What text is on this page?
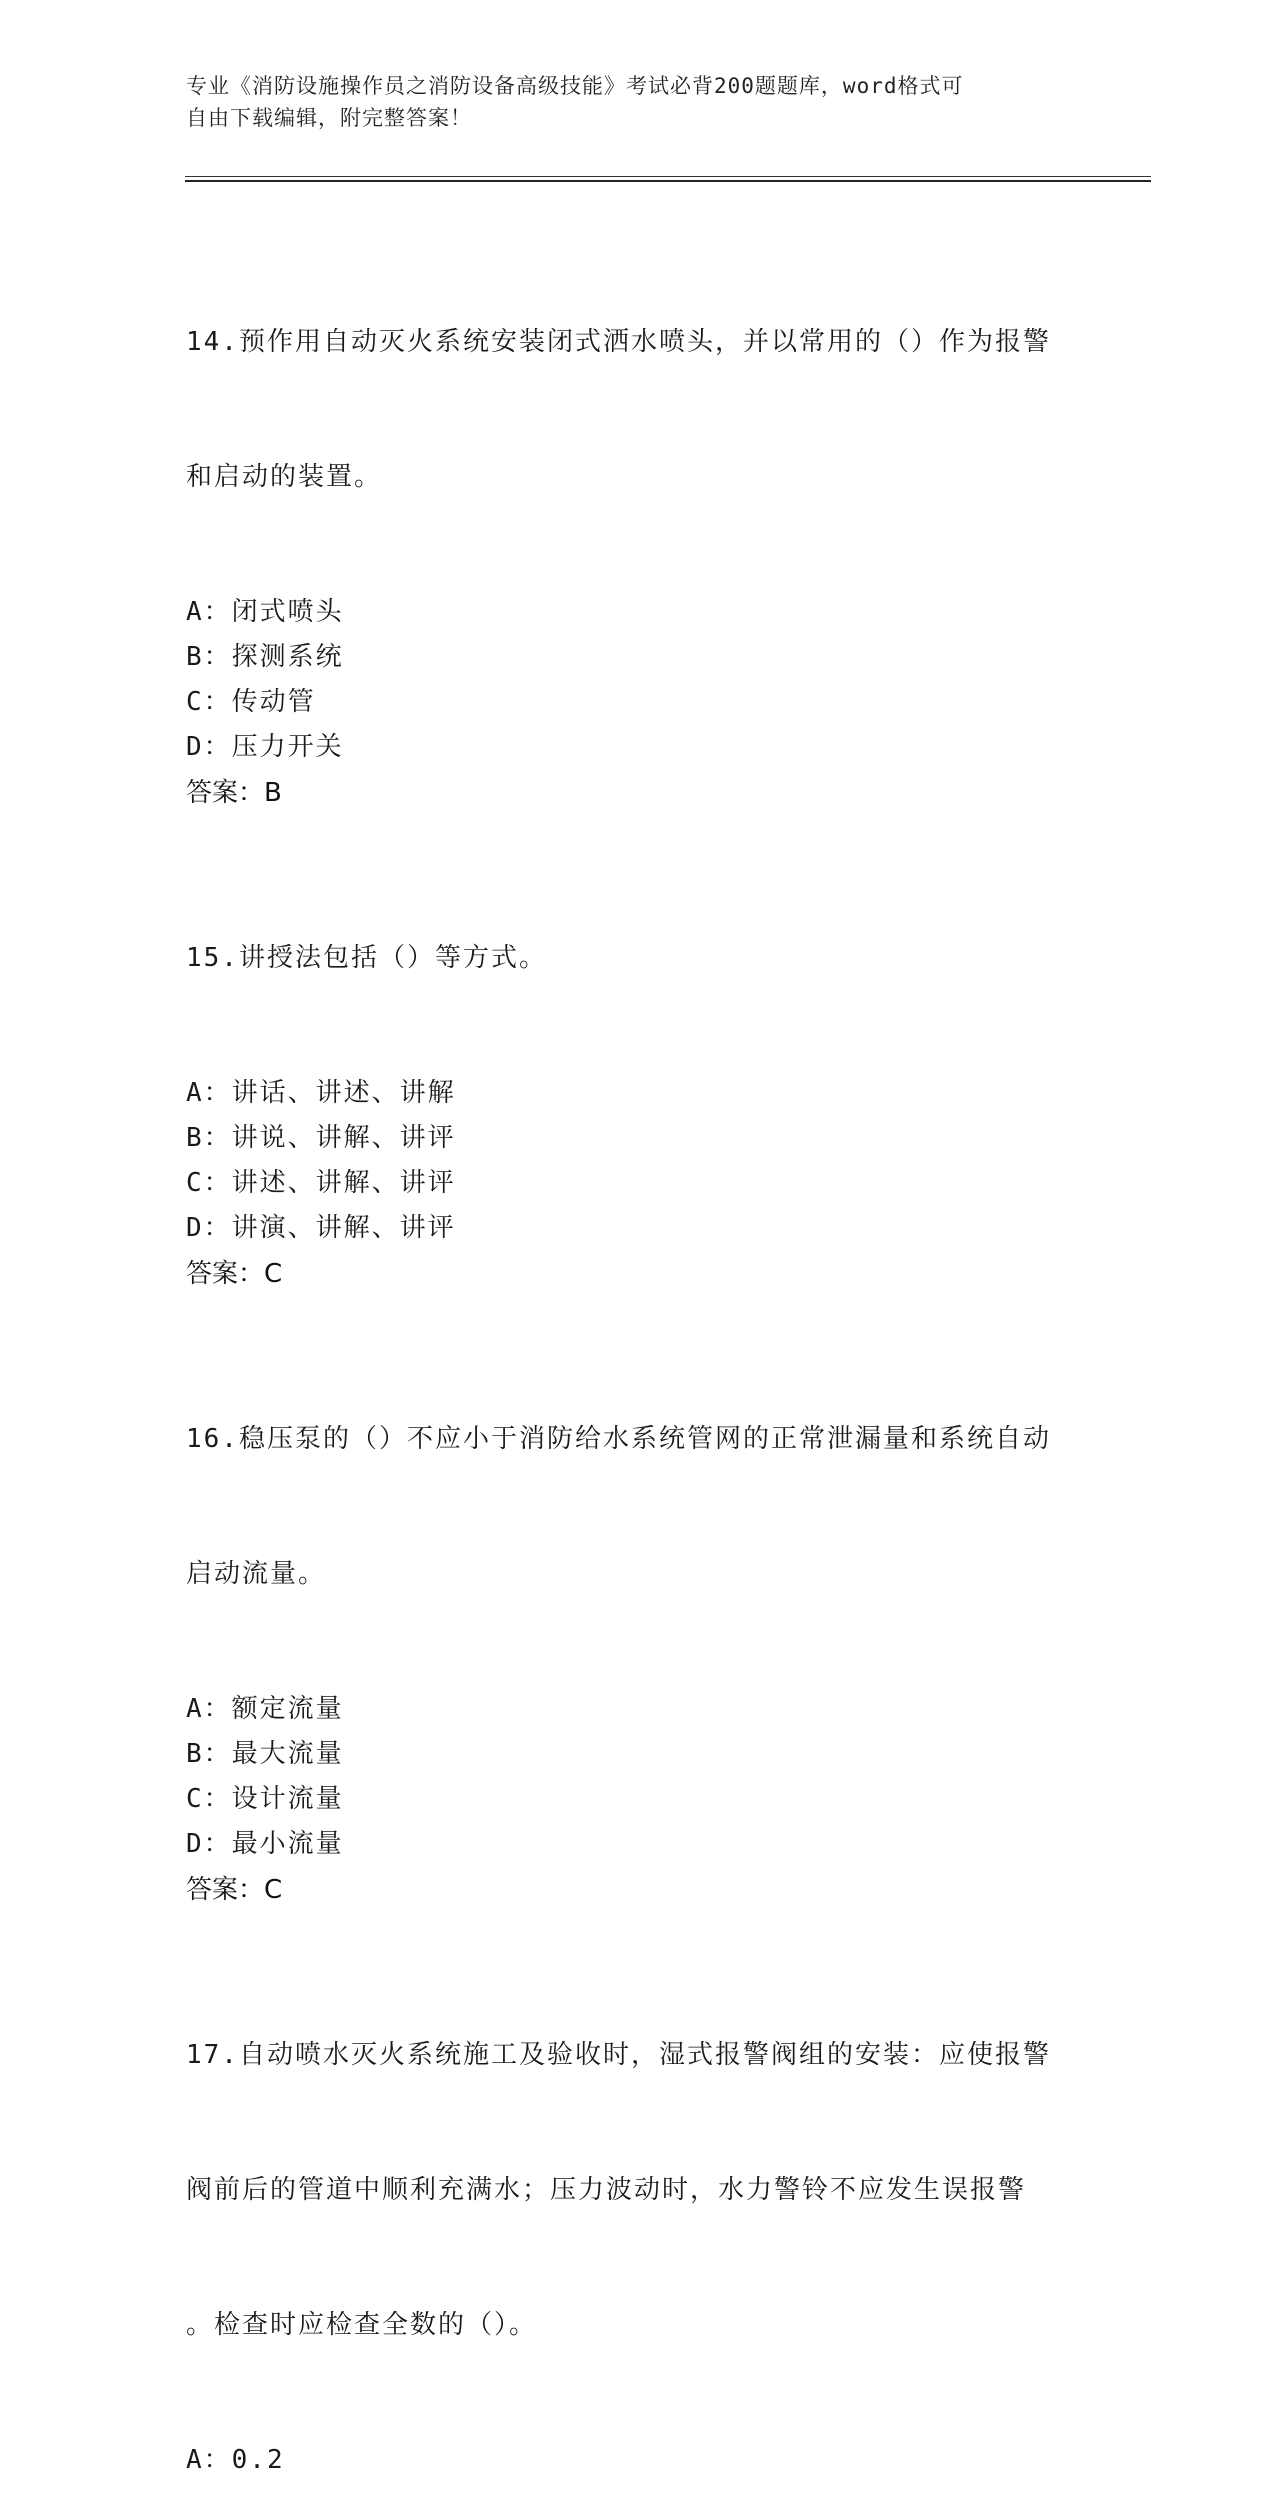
专业《消防设施操作员之消防设备高级技能》考试必背200题题库，word格式可
自由下载编辑，附完整答案！

14.预作用自动灭火系统安装闭式洒水喷头，并以常用的（）作为报警

和启动的装置。

A：闭式喷头
B：探测系统
C：传动管
D：压力开关
答案：B

15.讲授法包括（）等方式。

A：讲话、讲述、讲解
B：讲说、讲解、讲评
C：讲述、讲解、讲评
D：讲演、讲解、讲评
答案：C

16.稳压泵的（）不应小于消防给水系统管网的正常泄漏量和系统自动

启动流量。

A：额定流量
B：最大流量
C：设计流量
D：最小流量
答案：C

17.自动喷水灭火系统施工及验收时，湿式报警阀组的安装：应使报警

阀前后的管道中顺利充满水；压力波动时，水力警铃不应发生误报警

。检查时应检查全数的（）。

A：0.2
